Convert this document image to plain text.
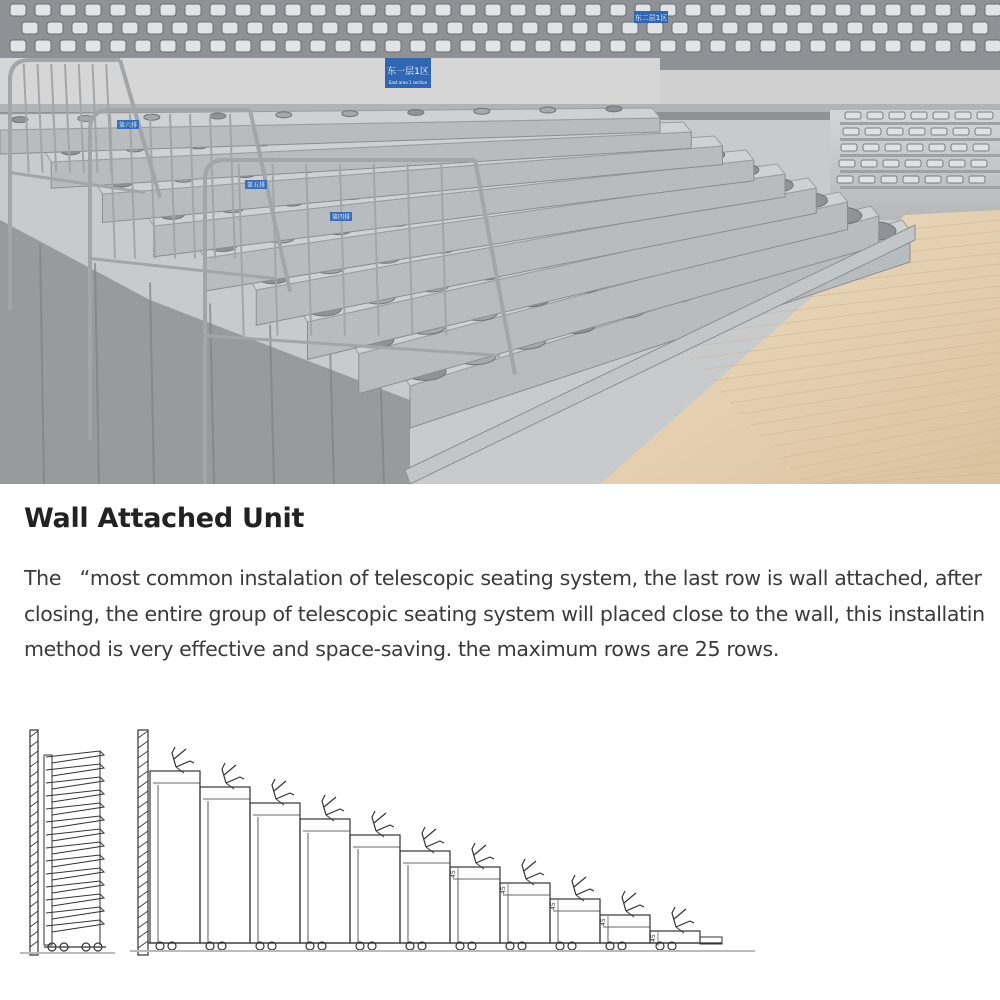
东一层1区
East area 1 section
东二层1区
第六排
第五排
第四排
Wall Attached Unit

The   “most common instalation of telescopic seating system, the last row is wall attached, after closing, the entire group of telescopic seating system will placed close to the wall, this installatin method is very effective and space-saving. the maximum rows are 25 rows.

45
45
45
45
45
